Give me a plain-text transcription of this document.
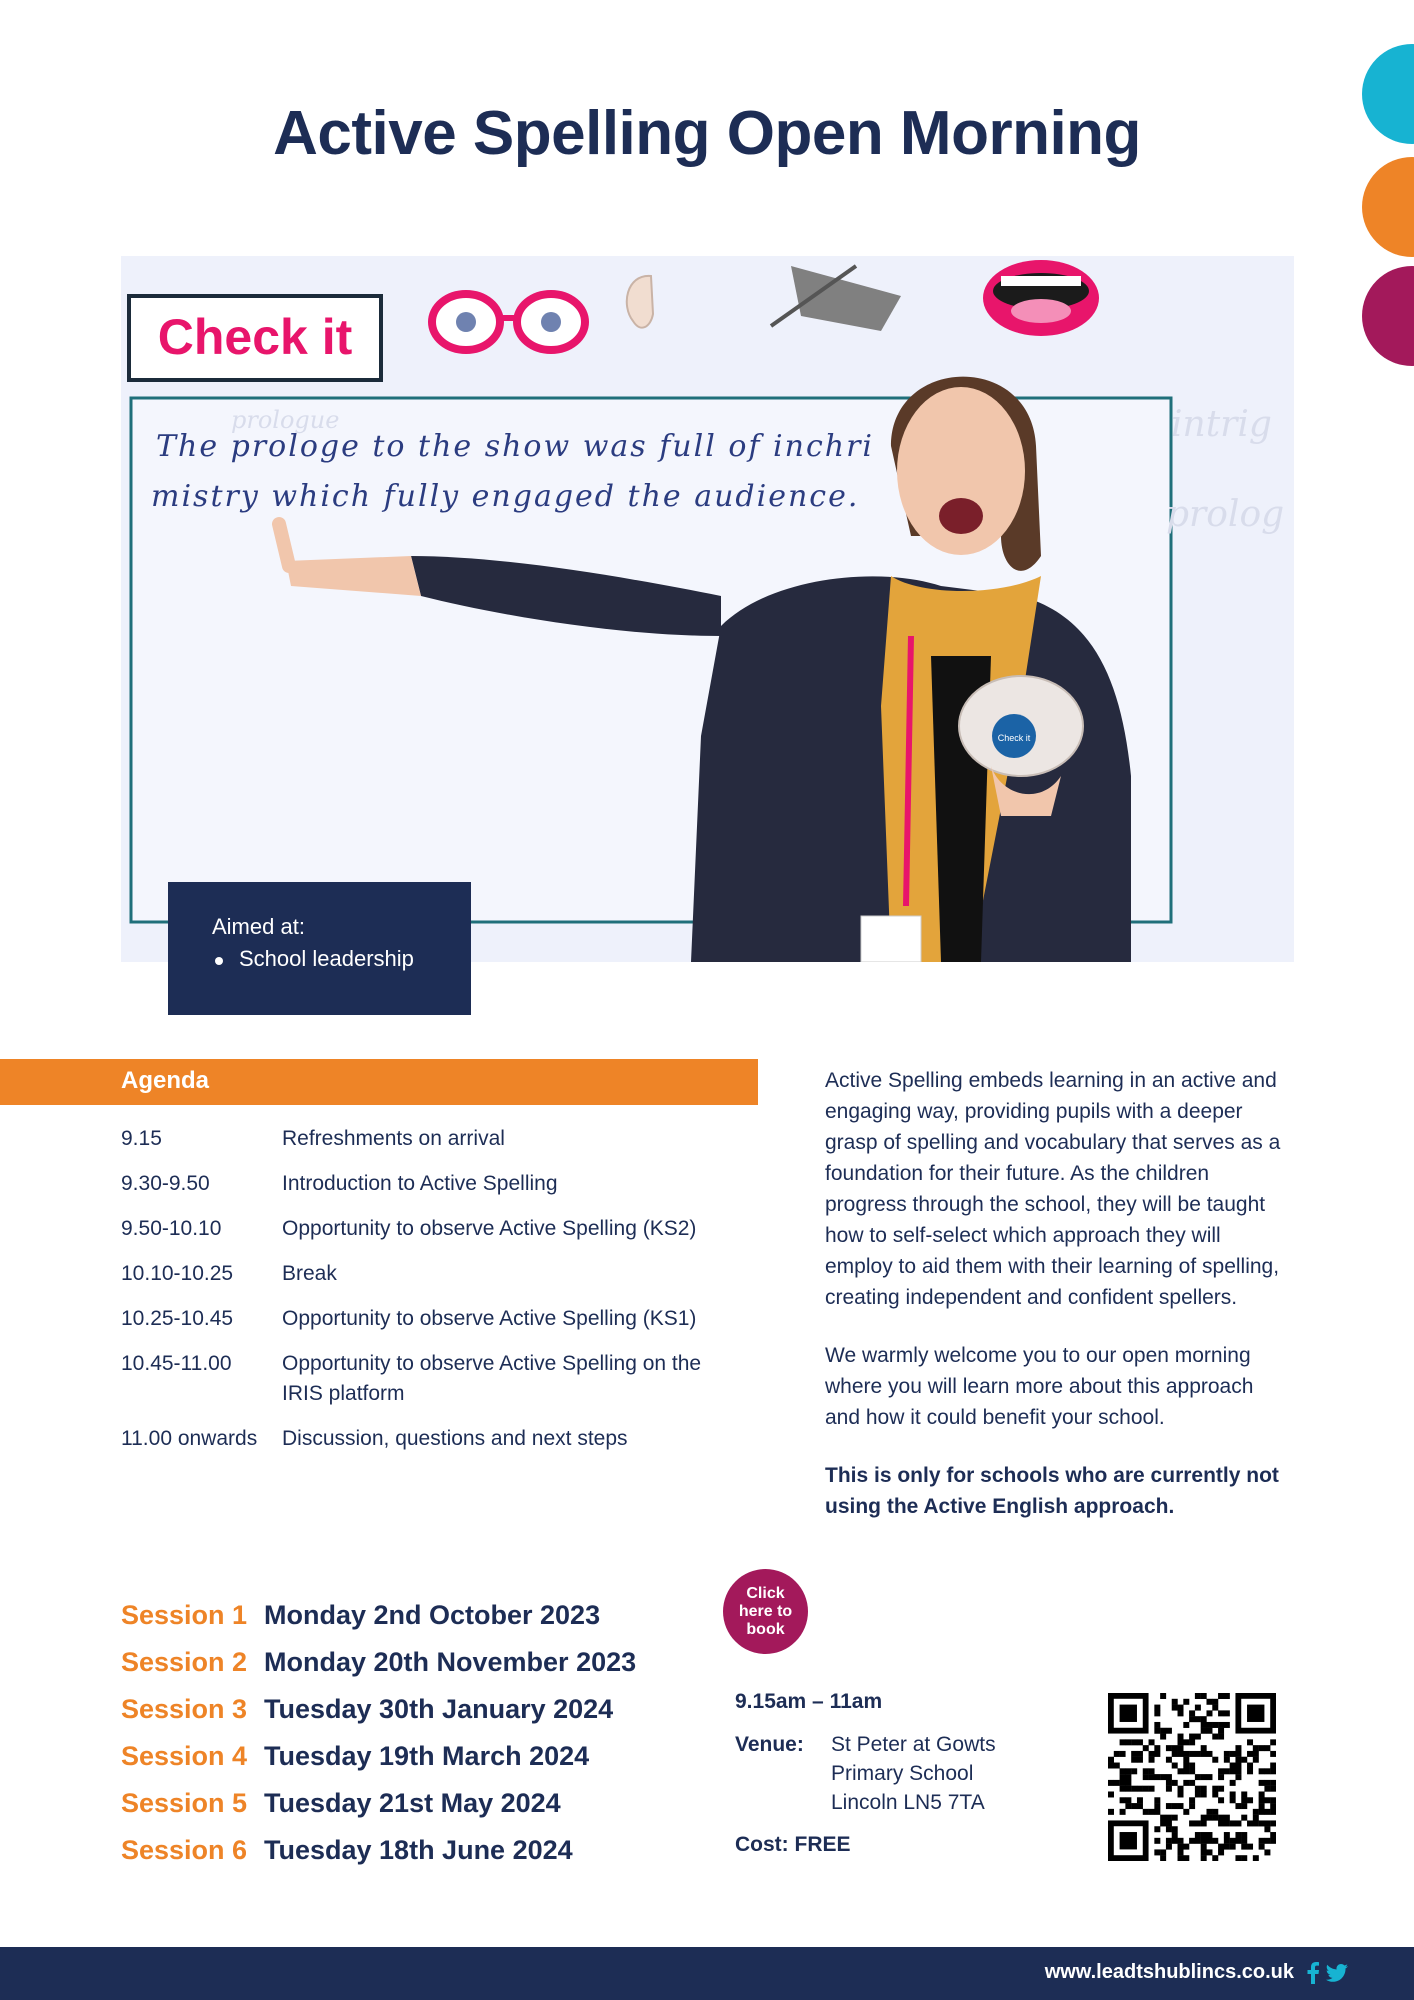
Active Spelling Open Morning
Check it
prologue	intrig
prolog
The prologe to the show was full of inchri
mistry which fully engaged the audience.
Check it
Aimed at:
School leadership
Agenda
9.15	Refreshments on arrival
9.30-9.50	Introduction to Active Spelling
9.50-10.10	Opportunity to observe Active Spelling (KS2)
10.10-10.25	Break
10.25-10.45	Opportunity to observe Active Spelling (KS1)
10.45-11.00	Opportunity to observe Active Spelling on the IRIS platform
11.00 onwards	Discussion, questions and next steps

Active Spelling embeds learning in an active and engaging way, providing pupils with a deeper grasp of spelling and vocabulary that serves as a foundation for their future. As the children progress through the school, they will be taught how to self-select which approach they will employ to aid them with their learning of spelling, creating independent and confident spellers.

We warmly welcome you to our open morning where you will learn more about this approach and how it could benefit your school.

This is only for schools who are currently not using the Active English approach.

Session 1 Monday 2nd October 2023
Session 2 Monday 20th November 2023
Session 3 Tuesday 30th January 2024
Session 4 Tuesday 19th March 2024
Session 5 Tuesday 21st May 2024
Session 6 Tuesday 18th June 2024
Click here to book
9.15am – 11am
Venue:	St Peter at Gowts
Primary School
Lincoln LN5 7TA
Cost: FREE
www.leadtshublincs.co.uk
